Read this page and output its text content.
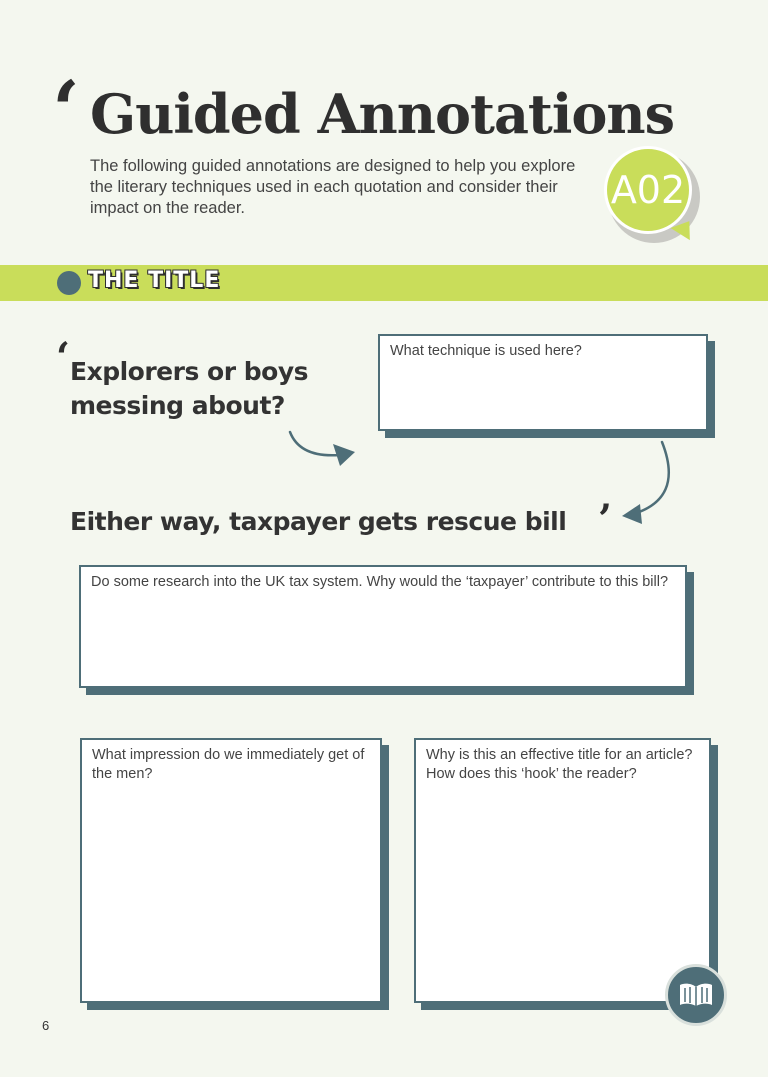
‘ Guided Annotations
The following guided annotations are designed to help you explore the literary techniques used in each quotation and consider their impact on the reader.	A02
THE TITLE
‘ Explorers or boys
messing about?
Either way, taxpayer gets rescue bill ’
What technique is used here?
Do some research into the UK tax system. Why would the ‘taxpayer’ contribute to this bill?
What impression do we immediately get of the men?
Why is this an effective title for an article? How does this ‘hook’ the reader?
6
